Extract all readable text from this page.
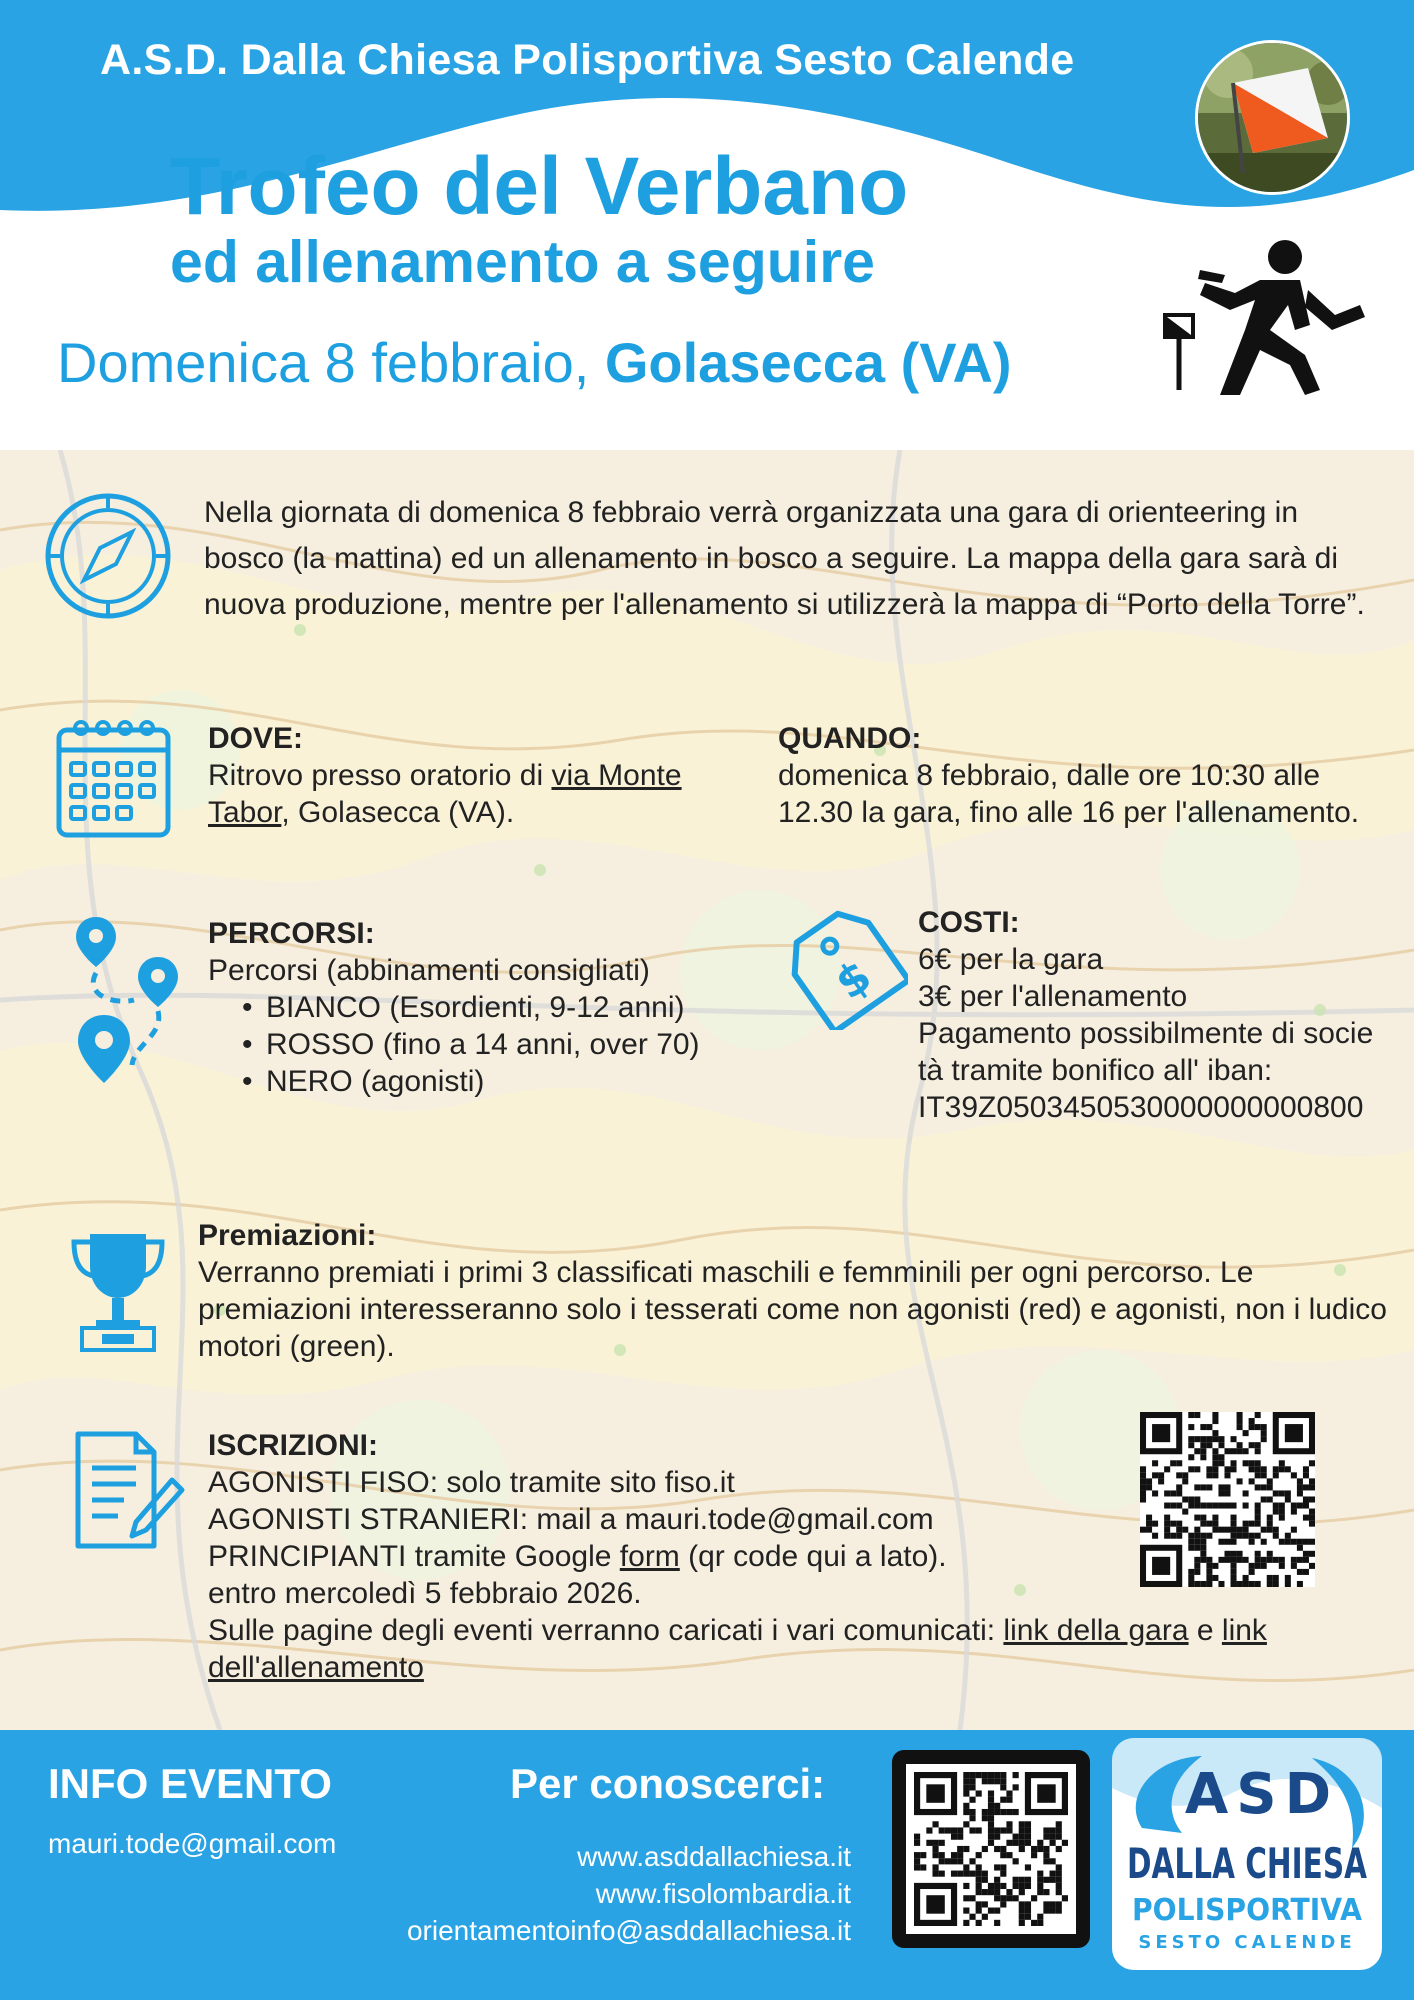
A.S.D. Dalla Chiesa Polisportiva Sesto Calende
Trofeo del Verbano
ed allenamento a seguire
Domenica 8 febbraio, Golasecca (VA)
Nella giornata di domenica 8 febbraio verrà organizzata una gara di orienteering in bosco (la mattina) ed un allenamento in bosco a seguire. La mappa della gara sarà di nuova produzione, mentre per l'allenamento si utilizzerà la mappa di “Porto della Torre”.
DOVE:
Ritrovo presso oratorio di via Monte Tabor, Golasecca (VA).
QUANDO:
domenica 8 febbraio, dalle ore 10:30 alle 12.30 la gara, fino alle 16 per l'allenamento.
PERCORSI:
Percorsi (abbinamenti consigliati)
• BIANCO (Esordienti, 9-12 anni)
• ROSSO (fino a 14 anni, over 70)
• NERO (agonisti)
$
COSTI:
6€ per la gara
3€ per l'allenamento
Pagamento possibilmente di società tramite bonifico all' iban:
IT39Z0503450530000000000800
Premiazioni:
Verranno premiati i primi 3 classificati maschili e femminili per ogni percorso. Le premiazioni interesseranno solo i tesserati come non agonisti (red) e agonisti, non i ludico motori (green).
ISCRIZIONI:
AGONISTI FISO: solo tramite sito fiso.it
AGONISTI STRANIERI: mail a mauri.tode@gmail.com
PRINCIPIANTI tramite Google form (qr code qui a lato).
entro mercoledì 5 febbraio 2026.
Sulle pagine degli eventi verranno caricati i vari comunicati: link della gara e link dell'allenamento
INFO EVENTO
mauri.tode@gmail.com
Per conoscerci:
www.asddallachiesa.it
www.fisolombardia.it
orientamentoinfo@asddallachiesa.it
ASD
DALLA CHIESA
POLISPORTIVA
SESTO CALENDE
